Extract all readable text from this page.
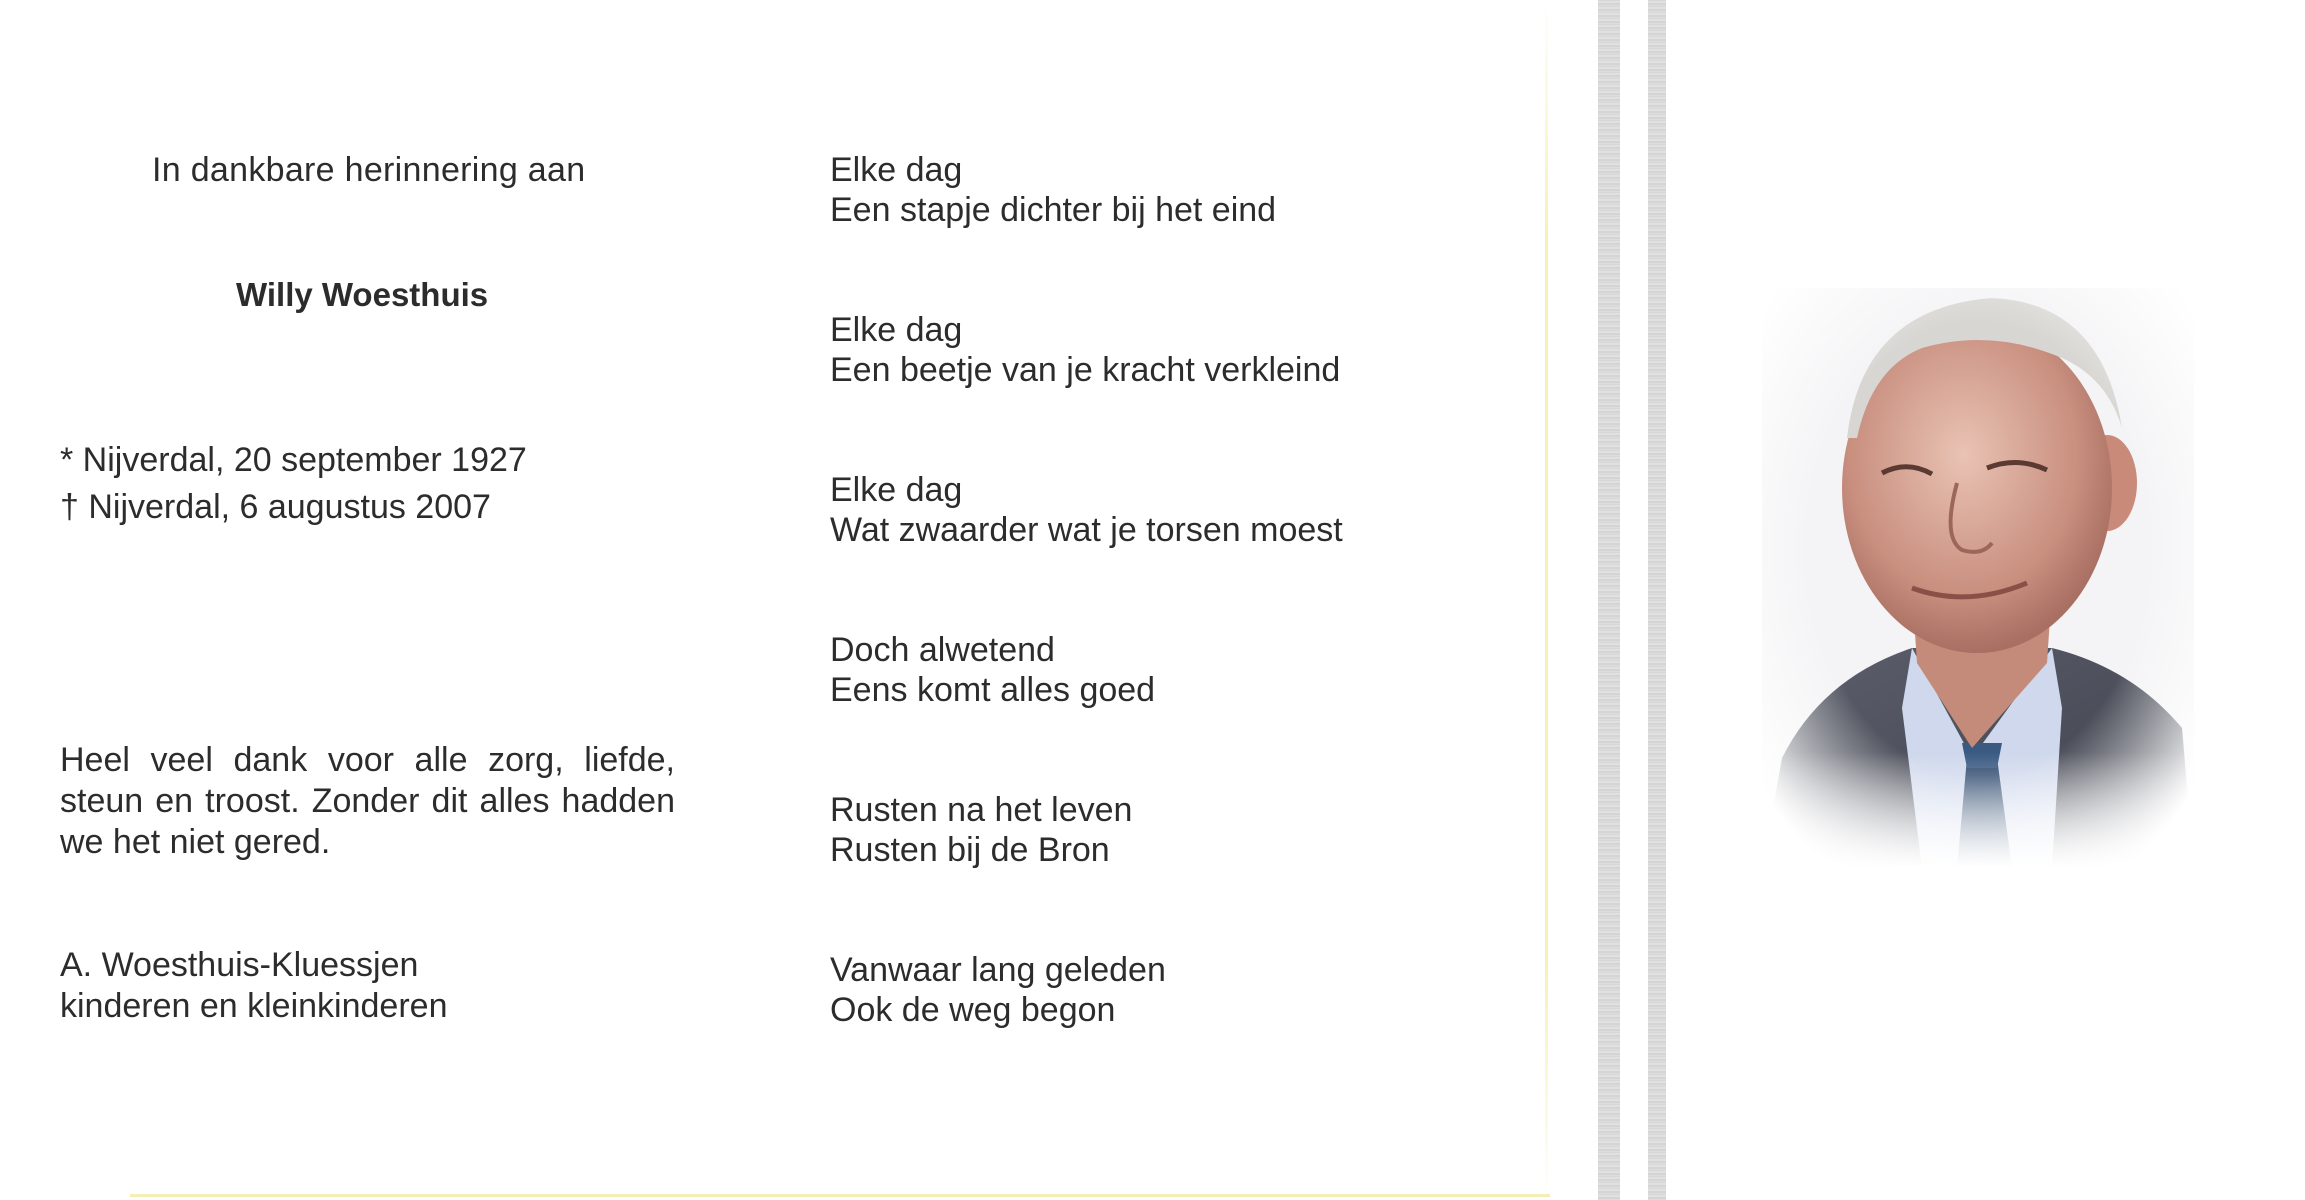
In dankbare herinnering aan
Willy Woesthuis
* Nijverdal, 20 september 1927
† Nijverdal, 6 augustus 2007
Heel veel dank voor alle zorg, liefde, steun en troost. Zonder dit alles hadden we het niet gered.
A. Woesthuis-Kluessjen
kinderen en kleinkinderen
Elke dag
Een stapje dichter bij het eind
Elke dag
Een beetje van je kracht verkleind
Elke dag
Wat zwaarder wat je torsen moest
Doch alwetend
Eens komt alles goed
Rusten na het leven
Rusten bij de Bron
Vanwaar lang geleden
Ook de weg begon
